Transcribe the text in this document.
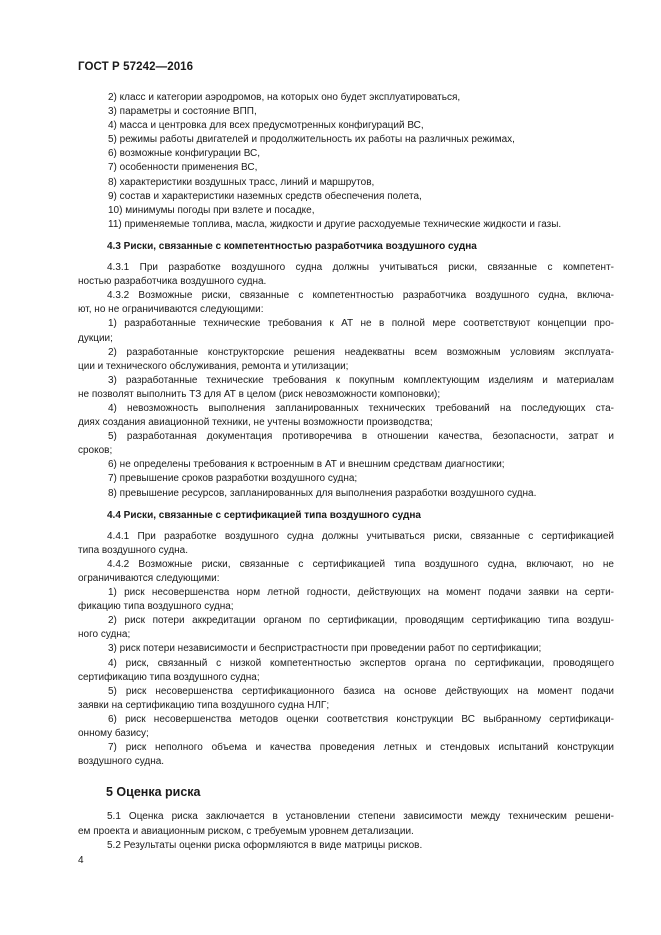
ГОСТ Р 57242—2016
2) класс и категории аэродромов, на которых оно будет эксплуатироваться,
3) параметры и состояние ВПП,
4) масса и центровка для всех предусмотренных конфигураций ВС,
5) режимы работы двигателей и продолжительность их работы на различных режимах,
6) возможные конфигурации ВС,
7) особенности применения ВС,
8) характеристики воздушных трасс, линий и маршрутов,
9) состав и характеристики наземных средств обеспечения полета,
10) минимумы погоды при взлете и посадке,
11) применяемые топлива, масла, жидкости и другие расходуемые технические жидкости и газы.
4.3 Риски, связанные с компетентностью разработчика воздушного судна
4.3.1 При разработке воздушного судна должны учитываться риски, связанные с компетент-
ностью разработчика воздушного судна.
4.3.2 Возможные риски, связанные с компетентностью разработчика воздушного судна, включа-
ют, но не ограничиваются следующими:
1) разработанные технические требования к АТ не в полной мере соответствуют концепции про-
дукции;
2) разработанные конструкторские решения неадекватны всем возможным условиям эксплуата-
ции и технического обслуживания, ремонта и утилизации;
3) разработанные технические требования к покупным комплектующим изделиям и материалам
не позволят выполнить ТЗ для АТ в целом (риск невозможности компоновки);
4) невозможность выполнения запланированных технических требований на последующих ста-
диях создания авиационной техники, не учтены возможности производства;
5) разработанная документация противоречива в отношении качества, безопасности, затрат и
сроков;
6) не определены требования к встроенным в АТ и внешним средствам диагностики;
7) превышение сроков разработки воздушного судна;
8) превышение ресурсов, запланированных для выполнения разработки воздушного судна.
4.4 Риски, связанные с сертификацией типа воздушного судна
4.4.1 При разработке воздушного судна должны учитываться риски, связанные с сертификацией
типа воздушного судна.
4.4.2 Возможные риски, связанные с сертификацией типа воздушного судна, включают, но не
ограничиваются следующими:
1) риск несовершенства норм летной годности, действующих на момент подачи заявки на серти-
фикацию типа воздушного судна;
2) риск потери аккредитации органом по сертификации, проводящим сертификацию типа воздуш-
ного судна;
3) риск потери независимости и беспристрастности при проведении работ по сертификации;
4) риск, связанный с низкой компетентностью экспертов органа по сертификации, проводящего
сертификацию типа воздушного судна;
5) риск несовершенства сертификационного базиса на основе действующих на момент подачи
заявки на сертификацию типа воздушного судна НЛГ;
6) риск несовершенства методов оценки соответствия конструкции ВС выбранному сертификаци-
онному базису;
7) риск неполного объема и качества проведения летных и стендовых испытаний конструкции
воздушного судна.
5 Оценка риска
5.1 Оценка риска заключается в установлении степени зависимости между техническим решени-
ем проекта и авиационным риском, с требуемым уровнем детализации.
5.2 Результаты оценки риска оформляются в виде матрицы рисков.
4
